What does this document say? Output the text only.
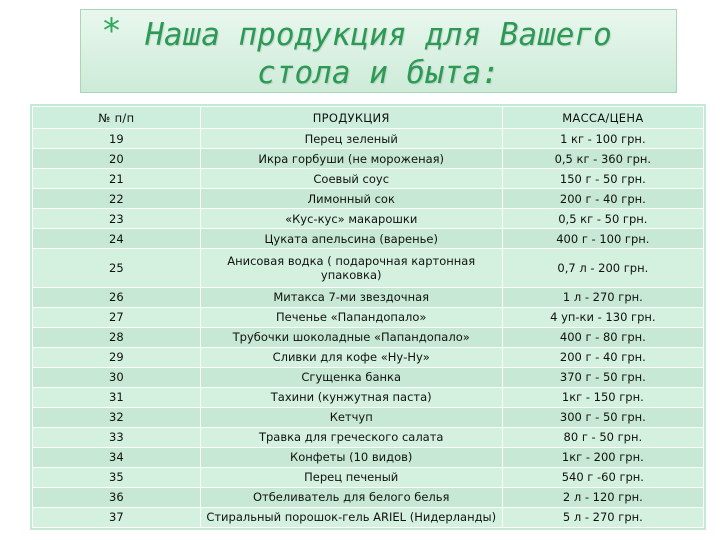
* Наша продукция для Вашего
стола и быта:
№ п/п	ПРОДУКЦИЯ	МАССА/ЦЕНА
19	Перец зеленый	1 кг - 100 грн.
20	Икра горбуши (не мороженая)	0,5 кг - 360 грн.
21	Соевый соус	150 г - 50 грн.
22	Лимонный сок	200 г - 40 грн.
23	«Кус-кус» макарошки	0,5 кг - 50 грн.
24	Цуката апельсина (варенье)	400 г - 100 грн.
25	Анисовая водка ( подарочная картонная упаковка)	0,7 л - 200 грн.
26	Митакса 7-ми звездочная	1 л - 270 грн.
27	Печенье «Папандопало»	4 уп-ки - 130 грн.
28	Трубочки шоколадные «Папандопало»	400 г - 80 грн.
29	Сливки для кофе «Ну-Ну»	200 г - 40 грн.
30	Сгущенка банка	370 г - 50 грн.
31	Тахини (кунжутная паста)	1кг - 150 грн.
32	Кетчуп	300 г - 50 грн.
33	Травка для греческого салата	80 г - 50 грн.
34	Конфеты (10 видов)	1кг - 200 грн.
35	Перец печеный	540 г -60 грн.
36	Отбеливатель для белого белья	2 л - 120 грн.
37	Стиральный порошок-гель ARIEL (Нидерланды)	5 л - 270 грн.
